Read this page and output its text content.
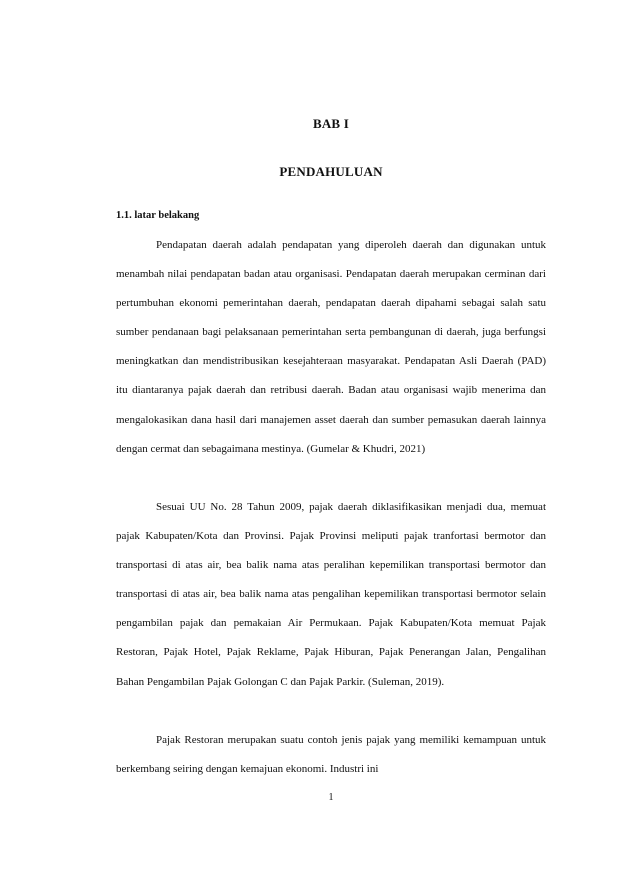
BAB I
PENDAHULUAN
1.1. latar belakang

Pendapatan daerah adalah pendapatan yang diperoleh daerah dan digunakan untuk menambah nilai pendapatan badan atau organisasi. Pendapatan daerah merupakan cerminan dari pertumbuhan ekonomi pemerintahan daerah, pendapatan daerah dipahami sebagai salah satu sumber pendanaan bagi pelaksanaan pemerintahan serta pembangunan di daerah, juga berfungsi meningkatkan dan mendistribusikan kesejahteraan masyarakat. Pendapatan Asli Daerah (PAD) itu diantaranya pajak daerah dan retribusi daerah. Badan atau organisasi wajib menerima dan mengalokasikan dana hasil dari manajemen asset daerah dan sumber pemasukan daerah lainnya dengan cermat dan sebagaimana mestinya. (Gumelar & Khudri, 2021)

Sesuai UU No. 28 Tahun 2009, pajak daerah diklasifikasikan menjadi dua, memuat pajak Kabupaten/Kota dan Provinsi. Pajak Provinsi meliputi pajak tranfortasi bermotor dan transportasi di atas air, bea balik nama atas peralihan kepemilikan transportasi bermotor dan transportasi di atas air, bea balik nama atas pengalihan kepemilikan transportasi bermotor selain pengambilan pajak dan pemakaian Air Permukaan. Pajak Kabupaten/Kota memuat Pajak Restoran, Pajak Hotel, Pajak Reklame, Pajak Hiburan, Pajak Penerangan Jalan, Pengalihan Bahan Pengambilan Pajak Golongan C dan Pajak Parkir. (Suleman, 2019).

Pajak Restoran merupakan suatu contoh jenis pajak yang memiliki kemampuan untuk berkembang seiring dengan kemajuan ekonomi. Industri ini

1
